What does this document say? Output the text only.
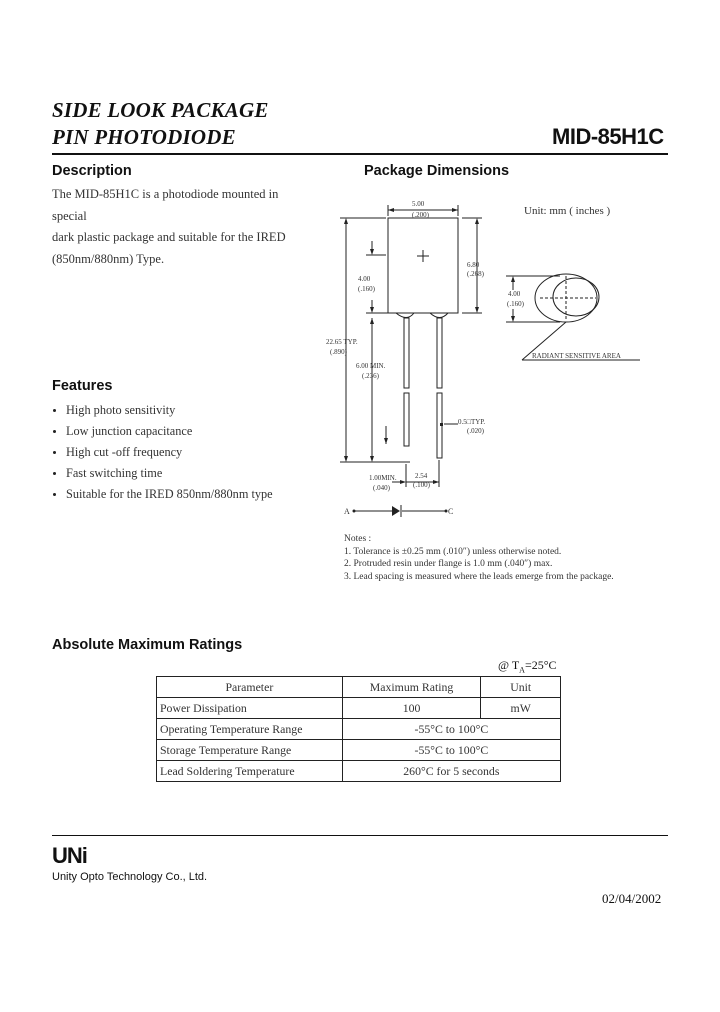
SIDE LOOK PACKAGE
PIN PHOTODIODE	MID-85H1C
Description
The MID-85H1C is a photodiode mounted in special
dark plastic package and suitable for the IRED
(850nm/880nm) Type.
Features
High photo sensitivity
Low junction capacitance
High cut -off frequency
Fast switching time
Suitable for the IRED 850nm/880nm type
Package Dimensions
5.00
(.200)
6.80
(.268)
4.00
(.160)
22.65 TYP.
(.890)
6.00 MIN.
(.236)
0.5□TYP.
(.020)
1.00MIN.
(.040)
2.54
(.100)
4.00
(.160)
RADIANT SENSITIVE AREA
A	C
Unit: mm ( inches )
Notes :
1. Tolerance is ±0.25 mm (.010″) unless otherwise noted.
2. Protruded resin under flange is 1.0 mm (.040″) max.
3. Lead spacing is measured where the leads emerge from the package.
Absolute Maximum Ratings
@ $T_A=25^\circ C$
Parameter	Maximum Rating	Unit
Power Dissipation	100	mW
Operating Temperature Range	-55°C to 100°C	
Storage Temperature Range	-55°C to 100°C	
Lead Soldering Temperature	260°C for 5 seconds	
UNi
Unity Opto Technology Co., Ltd.
02/04/2002
